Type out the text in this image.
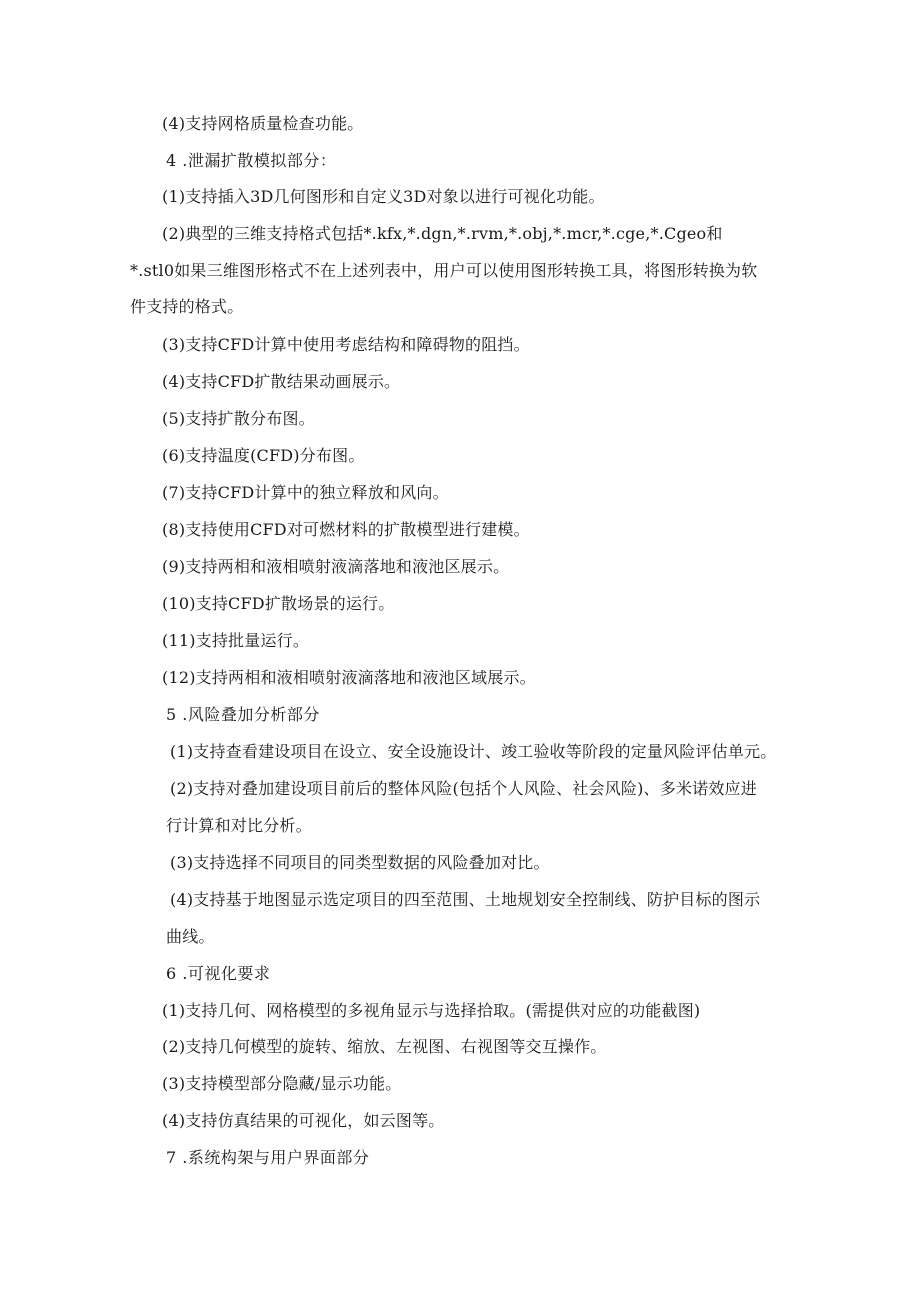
(4)支持网格质量检查功能。
4 .泄漏扩散模拟部分：
(1)支持插入3D几何图形和自定义3D对象以进行可视化功能。
(2)典型的三维支持格式包括*.kfx,*.dgn,*.rvm,*.obj,*.mcr,*.cge,*.Cgeo和
*.stl0如果三维图形格式不在上述列表中，用户可以使用图形转换工具，将图形转换为软
件支持的格式。
(3)支持CFD计算中使用考虑结构和障碍物的阻挡。
(4)支持CFD扩散结果动画展示。
(5)支持扩散分布图。
(6)支持温度(CFD)分布图。
(7)支持CFD计算中的独立释放和风向。
(8)支持使用CFD对可燃材料的扩散模型进行建模。
(9)支持两相和液相喷射液滴落地和液池区展示。
(10)支持CFD扩散场景的运行。
(11)支持批量运行。
(12)支持两相和液相喷射液滴落地和液池区域展示。
5 .风险叠加分析部分
(1)支持查看建设项目在设立、安全设施设计、竣工验收等阶段的定量风险评估单元。
(2)支持对叠加建设项目前后的整体风险(包括个人风险、社会风险)、多米诺效应进
行计算和对比分析。
(3)支持选择不同项目的同类型数据的风险叠加对比。
(4)支持基于地图显示选定项目的四至范围、土地规划安全控制线、防护目标的图示
曲线。
6 .可视化要求
(1)支持几何、网格模型的多视角显示与选择拾取。(需提供对应的功能截图)
(2)支持几何模型的旋转、缩放、左视图、右视图等交互操作。
(3)支持模型部分隐藏/显示功能。
(4)支持仿真结果的可视化，如云图等。
7 .系统构架与用户界面部分
